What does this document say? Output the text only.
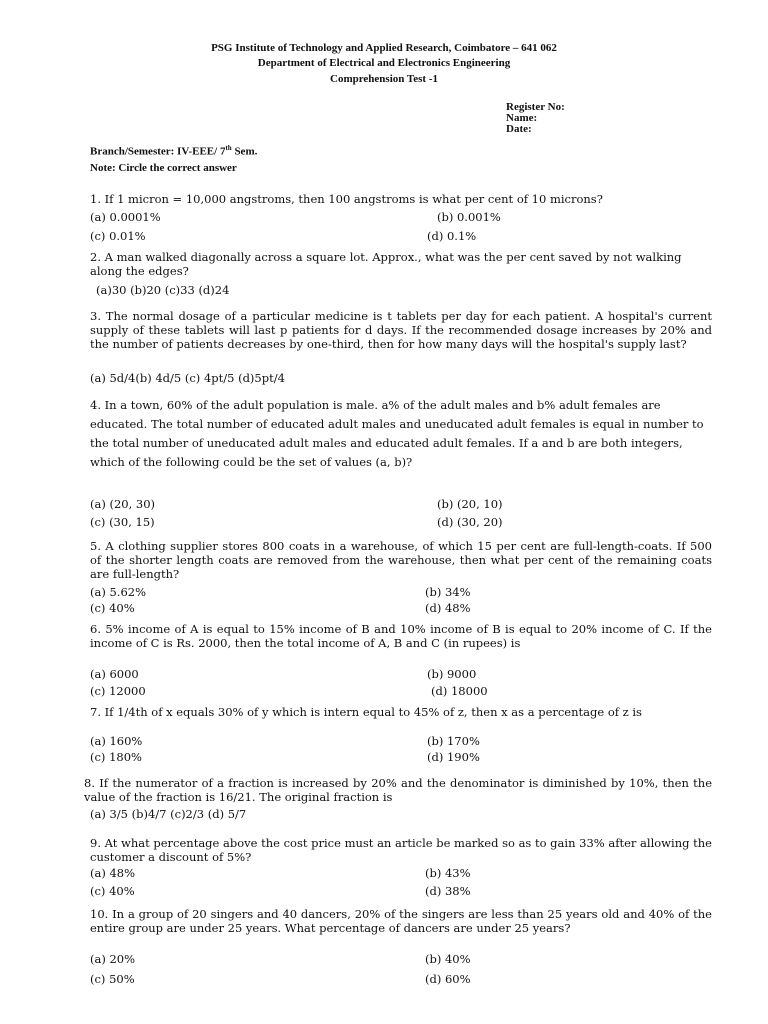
PSG Institute of Technology and Applied Research, Coimbatore – 641 062
Department of Electrical and Electronics Engineering
Comprehension Test -1
Register No:
Name:
Date:
Branch/Semester: IV-EEE/ 7th Sem.
Note: Circle the correct answer
1. If 1 micron = 10,000 angstroms, then 100 angstroms is what per cent of 10 microns?
(a) 0.0001%	(b) 0.001%
(c) 0.01%	(d) 0.1%
2. A man walked diagonally across a square lot. Approx., what was the per cent saved by not walking along the edges?
(a)30 (b)20 (c)33 (d)24
3. The normal dosage of a particular medicine is t tablets per day for each patient. A hospital's current supply of these tablets will last p patients for d days. If the recommended dosage increases by 20% and the number of patients decreases by one-third, then for how many days will the hospital's supply last?
(a) 5d/4(b) 4d/5 (c) 4pt/5 (d)5pt/4
4. In a town, 60% of the adult population is male. a% of the adult males and b% adult females are educated. The total number of educated adult males and uneducated adult females is equal in number to the total number of uneducated adult males and educated adult females. If a and b are both integers, which of the following could be the set of values (a, b)?
(a) (20, 30)	(b) (20, 10)
(c) (30, 15)	(d) (30, 20)
5. A clothing supplier stores 800 coats in a warehouse, of which 15 per cent are full-length-coats. If 500 of the shorter length coats are removed from the warehouse, then what per cent of the remaining coats are full-length?
(a) 5.62%	(b) 34%
(c) 40%	(d) 48%
6. 5% income of A is equal to 15% income of B and 10% income of B is equal to 20% income of C. If the income of C is Rs. 2000, then the total income of A, B and C (in rupees) is
(a) 6000	(b) 9000
(c) 12000	(d) 18000
7. If 1/4th of x equals 30% of y which is intern equal to 45% of z, then x as a percentage of z is
(a) 160%	(b) 170%
(c) 180%	(d) 190%
8. If the numerator of a fraction is increased by 20% and the denominator is diminished by 10%, then the value of the fraction is 16/21. The original fraction is
(a) 3/5 (b)4/7 (c)2/3 (d) 5/7
9. At what percentage above the cost price must an article be marked so as to gain 33% after allowing the customer a discount of 5%?
(a) 48%	(b) 43%
(c) 40%	(d) 38%
10. In a group of 20 singers and 40 dancers, 20% of the singers are less than 25 years old and 40% of the entire group are under 25 years. What percentage of dancers are under 25 years?
(a) 20%	(b) 40%
(c) 50%	(d) 60%
